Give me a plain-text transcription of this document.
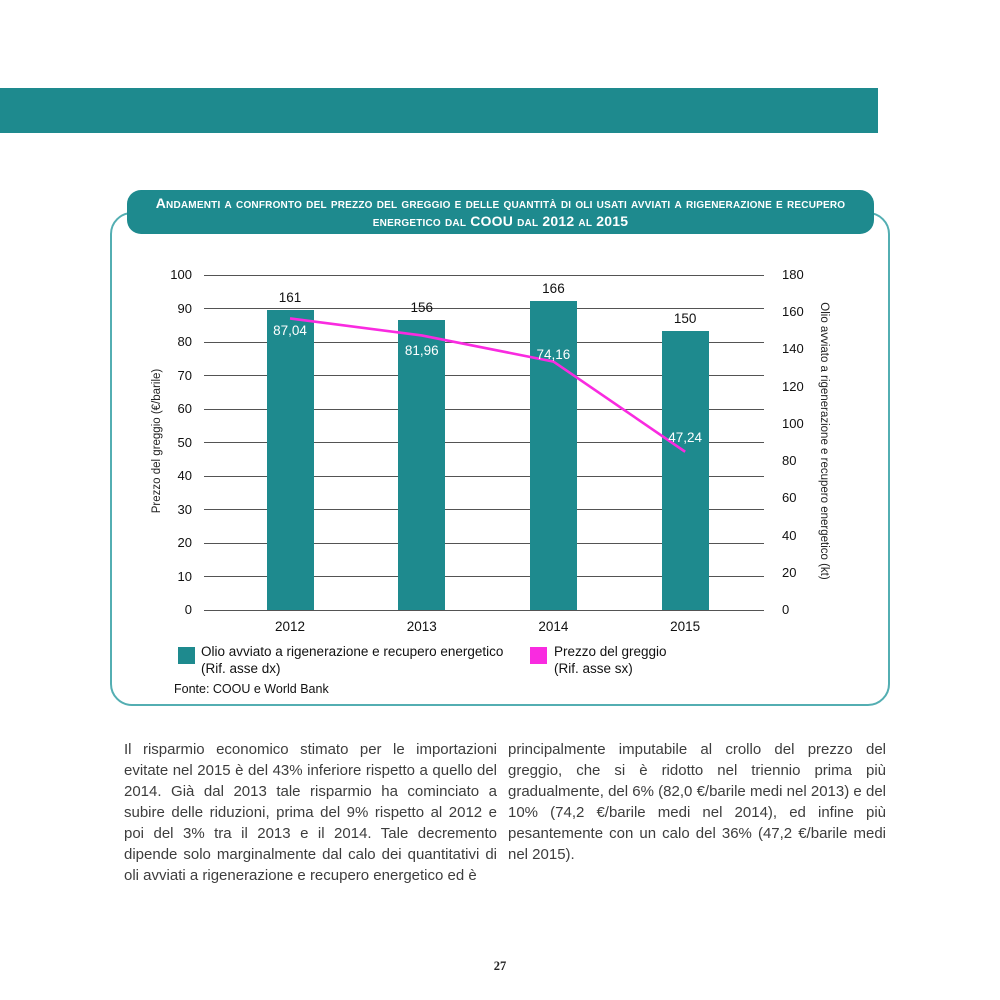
Prezzo del greggio (€/barile)	Olio avviato a rigenerazione e recupero energetico (kt)
0
10
20
30
40
50
60
70
80
90
100
0
20
40
60
80
100
120
140
160
180
161
2012
156
2013
166
2014
150
2015
87,04
81,96	74,16
47,24
Olio avviato a rigenerazione e recupero energetico
(Rif. asse dx)
Prezzo del greggio
(Rif. asse sx)
Fonte: COOU e World Bank
Andamenti a confronto del prezzo del greggio e delle quantità di oli usati avviati a rigenerazione e recupero energetico dal COOU dal 2012 al 2015
Il risparmio economico stimato per le importazioni evitate nel 2015 è del 43% inferiore rispetto a quello del 2014. Già dal 2013 tale risparmio ha cominciato a subire delle riduzioni, prima del 9% rispetto al 2012 e poi del 3% tra il 2013 e il 2014. Tale decremento dipende solo marginalmente dal calo dei quantitativi di oli avviati a rigenerazione e recupero energetico ed è
principalmente imputabile al crollo del prezzo del greggio, che si è ridotto nel triennio prima più gradualmente, del 6% (82,0 €/barile medi nel 2013) e del 10% (74,2 €/barile medi nel 2014), ed infine più pesantemente con un calo del 36% (47,2 €/barile medi nel 2015).
27
